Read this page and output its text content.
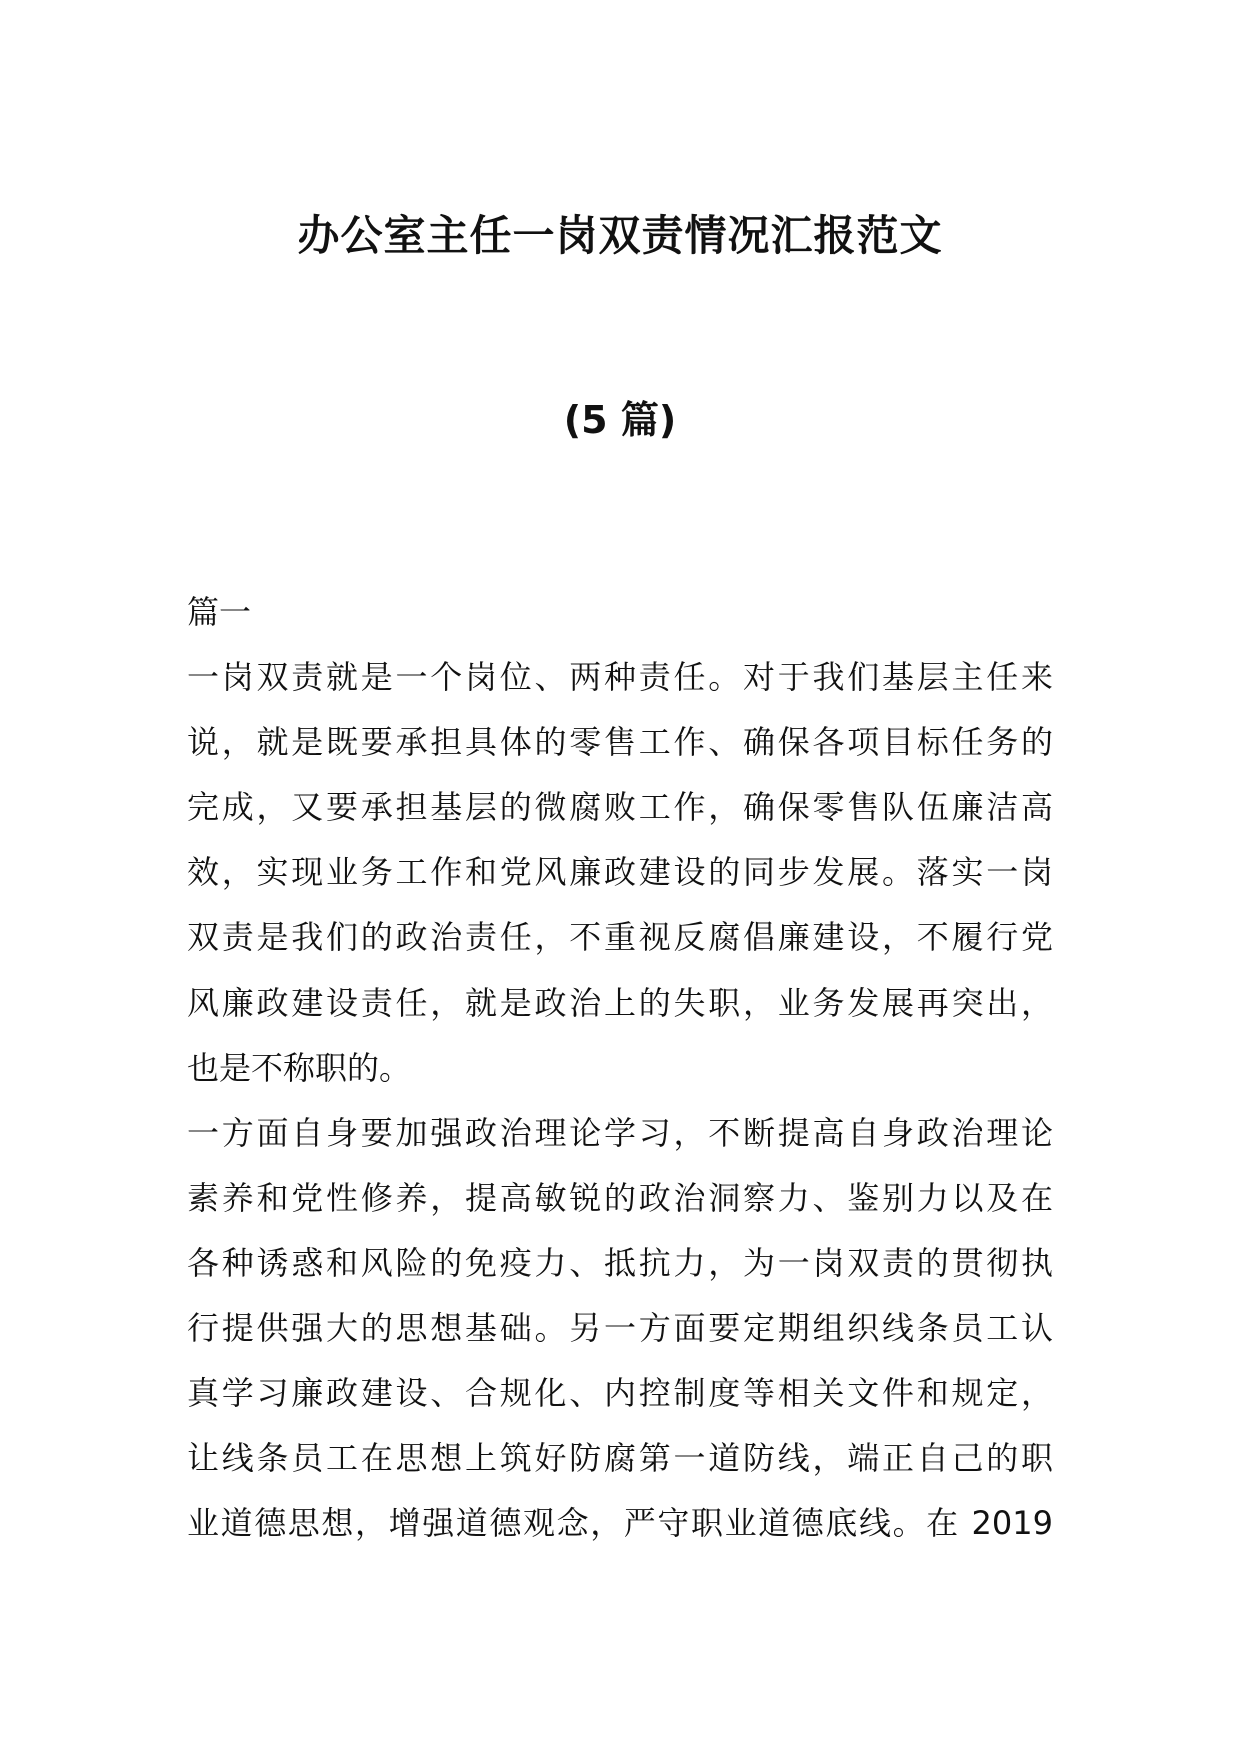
办公室主任一岗双责情况汇报范文
(5 篇)
篇一
一岗双责就是一个岗位、两种责任。对于我们基层主任来
说，就是既要承担具体的零售工作、确保各项目标任务的
完成，又要承担基层的微腐败工作，确保零售队伍廉洁高
效，实现业务工作和党风廉政建设的同步发展。落实一岗
双责是我们的政治责任，不重视反腐倡廉建设，不履行党
风廉政建设责任，就是政治上的失职，业务发展再突出，
也是不称职的。
一方面自身要加强政治理论学习，不断提高自身政治理论
素养和党性修养，提高敏锐的政治洞察力、鉴别力以及在
各种诱惑和风险的免疫力、抵抗力，为一岗双责的贯彻执
行提供强大的思想基础。另一方面要定期组织线条员工认
真学习廉政建设、合规化、内控制度等相关文件和规定，
让线条员工在思想上筑好防腐第一道防线，端正自己的职
业道德思想，增强道德观念，严守职业道德底线。在 2019
